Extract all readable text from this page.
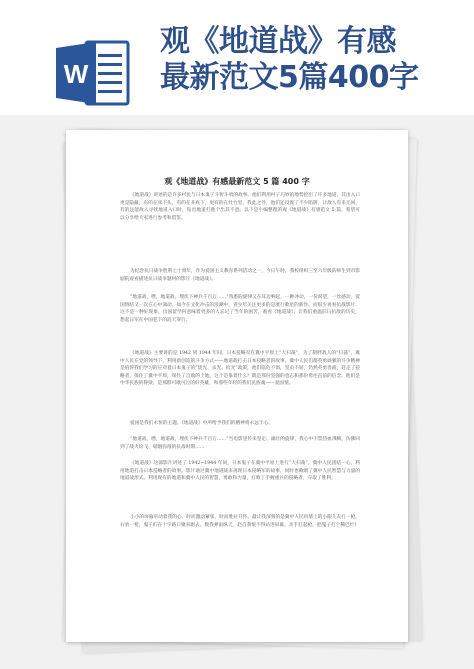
W
观《地道战》有感
最新范文5篇400字
观《地道战》有感最新范文 5 篇 400 字

《地道战》讲述的是许多村民与日本鬼子斗智斗勇的故事。他们利用村子巧妙的地势挖出了许多地道，其出入口更是隐蔽，有的在床下头，有的在井底下，更有的在灶台里。我此之外，他们还设置了不少陷阱，让敌人有来无回，有的还能故入寻找地道入口时，钻出地道打他个出其不意。以下是小编整理的观《地道战》有感范文 5 篇，希望可以分享给大家进行参考和借鉴。

为纪念抗日战争胜利七十周年，作为爱国主义教育系列活动之一，今日午时，我校组织三至六年级的师生到市影剧院观看描述抗日战争题材的影片《地道战》。

“地道战，嘿，地道战，埋伏下神兵千百万……”熟悉的旋律又在耳边响起，一种冲动，一份渴望，一丝感动，爱国情结又一次在心中涌动。如今在文化冲击的浪潮中，青少年关注更多的是流行歌星的新作，而很少再看抗战影片。这不是一种好现象，出国留学何意味着更多的人忘记了当年的困苦，观看《地道战》，让我们重温旧日抗敌的历史，想起日军在中国犯下的滔天罪行。

《地道战》主要讲的是 1942 到 1944 年间，日本侵略军在冀中平原上“大扫荡”，为了制胖敌人的“扫荡”，冀中人民在党的领导下，利用新创造的斗争方式——地道战打击日本侵略者的故事。冀中人民们都英勇顽强的斗争精神是值得我们学习的应对着日本鬼子的“烧光、杀光、抢光”政策，他们临危不惧，坚贞不屈，仍然英勇善战，赶走了侵略者，保住了冀中平原，保住了自救的土地，这个是靠着什么？就是那份坚强的意志和那份勇往直前的信念。他们是中华民族的脊梁，是那群可歌可泣的好英雄，和那些年轻的我们民族魂——爱国情。

爱国是我们永恒的主题，《地道战》中所给予我们的精神将永远于心。

“地道战，嘿，地道战，埋伏下神兵千百万……”当电影里传来坚定、雄壮的旋律，我心中不禁热血沸腾，仿佛回到了战火纷飞、硝烟弥漫的抗战时期……

《地道战》这部影片讲述了 1942~1944 年间，日本鬼子在冀中平原上进行“大扫荡”，冀中人民团结一心，利用地道打击日本侵略者的故事。影片通过冀中地道战来再现日本侵略军的故事，同时也歌颂了冀中人民智慧与力量的地道战形式。利用现有的地道和冀中人民的智慧，勇敢和力量，打败了手握重兵的侵略者，夺取了胜利。

小小的屏幕牵动着我的心，时而激动紧张，时而胜拉开怀。最让我深刻的是冀中人民用墙上的小眼儿友打一枪，右放一枪，鬼子们在十字路口聚来跑去，数我弹雨纵天，赵自我恨不得站进屏幕，亲手扛起枪，把鬼子打个稀巴烂!
